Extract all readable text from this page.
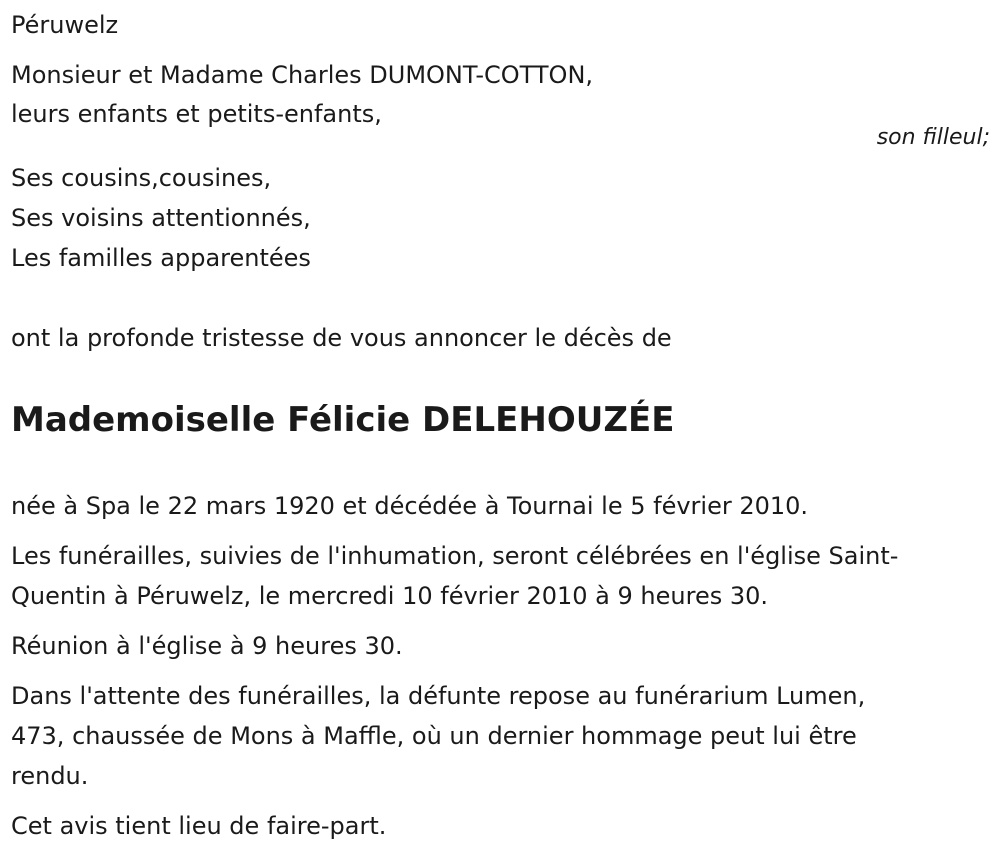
Péruwelz
Monsieur et Madame Charles DUMONT-COTTON,
leurs enfants et petits-enfants,
Ses cousins,cousines,
Ses voisins attentionnés,
Les familles apparentées
ont la profonde tristesse de vous annoncer le décès de
née à Spa le 22 mars 1920 et décédée à Tournai le 5 février 2010.
Les funérailles, suivies de l'inhumation, seront célébrées en l'église Saint-
Quentin à Péruwelz, le mercredi 10 février 2010 à 9 heures 30.
Réunion à l'église à 9 heures 30.
Dans l'attente des funérailles, la défunte repose au funérarium Lumen,
473, chaussée de Mons à Maffle, où un dernier hommage peut lui être
rendu.
Cet avis tient lieu de faire-part.
son filleul;
Mademoiselle Félicie DELEHOUZÉE
